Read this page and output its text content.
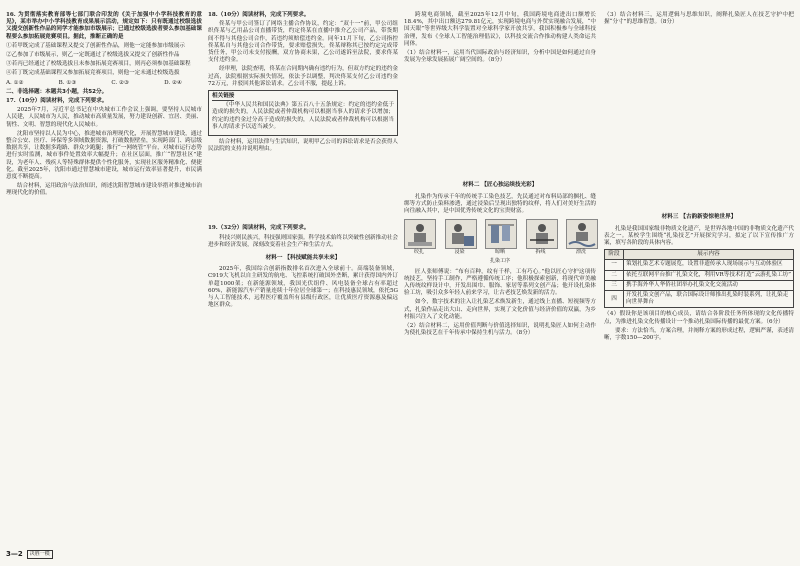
16. 为贯彻落实教育部等七部门联合印发的《关于加强中小学科技教育的意见》，某市举办中小学科技教育成果展示活动，规定如下：只有既通过校级选拔又提交创新性作品的同学才能参加市级展示；已通过校级选拔者要么参加基础课程要么参加拓展竞赛项目。据此，推断正确的是

①若甲既完成了基础课程又提交了创新性作品，则他一定能参加市级展示

②乙参加了市级展示，则乙一定既通过了校级选拔又提交了创新性作品

③若丙已经通过了校级选拔且未参加拓展竞赛项目，则丙必须参加基础课程

④若丁既完成基础课程又参加拓展竞赛项目，则他一定未通过校级选拔

A. ①②	B. ①③	C. ②③	D. ②④

二、非选择题：本题共3小题，共52分。

17.（10分）阅读材料，完成下列要求。

2025年7月，习近平总书记在中央城市工作会议上强调，要坚持人民城市人民建，人民城市为人民，推动城市高质量发展，努力建设创新、宜居、美丽、韧性、文明、智慧的现代化人民城市。

沈阳市坚持以人民为中心，推进城市治理现代化，开展智慧城市建设，通过整合公安、医疗、环保等多领域数据资源，打破数据壁垒，实现跨部门、跨层级数据共享，让数据多跑路、群众少跑腿；推行“一网统管”平台，对城市运行态势进行实时监测，城市事件处置效率大幅提升；在社区层面，推广“智慧社区”建设，为老年人、残疾人等特殊群体提供个性化服务，实现社区服务精准化、便捷化。截至2025年，沈阳市通过智慧城市建设，城市运行效率显著提升，市民满意度不断提高。

结合材料，运用政治与法治知识，阐述沈阳智慧城市建设举措对推进城市治理现代化的价值。

18.（10分）阅读材料，完成下列要求。

佟某与甲公司签订了网络主播合作协议，约定：“双十一”前，甲公司组织佟某与乙用品公司直播带货，约定佟某在直播中推介乙公司产品，带货期间不得与其他公司合作，若违约须赔偿违约金。同年11月下旬，乙公司指控佟某私自与其他公司合作带货，要求赔偿损失。佟某辩称其已按约定完成带货任务，甲公司未支付报酬，双方协商未果，乙公司遂诉至法院，要求佟某支付违约金。

经审理，法院查明，佟某在合同期内确有违约行为，但双方约定的违约金过高，法院根据实际损失情况，依法予以调整，判决佟某支付乙公司违约金72万元，并驳回其他诉讼请求。乙公司不服，提起上诉。

相关链接

《中华人民共和国民法典》第五百八十五条规定：约定的违约金低于造成的损失的，人民法院或者仲裁机构可以根据当事人的请求予以增加；约定的违约金过分高于造成的损失的，人民法院或者仲裁机构可以根据当事人的请求予以适当减少。

结合材料，运用法律与生活知识，说明甲乙公司的诉讼请求是否会获得人民法院的支持并说明理由。

19.（32分）阅读材料，完成下列要求。

科技兴则民族兴，科技强则国家强。科学技术始终以突破性创新推动社会进步和经济发展，深刻改变着社会生产和生活方式。

材料一 【科技赋能共享未来】

2025年，我国综合创新指数排名首次进入全球前十。高端装备领域，C919大飞机以自主研发的航电、飞控系统打破国外垄断，累计获得国内外订单超1000架；在新能源领域，我国光伏组件、风电装备全球占有率超过60%，新能源汽车产销量连续十年位居全球第一；在科技惠民领域，依托5G与人工智能技术，远程医疗覆盖所有县级行政区，让优质医疗资源惠及偏远地区群众。

跨境电商领域，截至2025年12月中旬，我国跨境电商进出口额增长18.4%，其中出口额达279.81亿元，实现跨境电商与外贸实现融合发展，“中国天眼”等世界级大科学装置对全球科学家开放共享，我国积极参与全球科技治理，发布《全球人工智能治理倡议》，以科技交流合作推动构建人类命运共同体。

（1）结合材料一，运用当代国际政治与经济知识，分析中国是如何通过自身发展为全球发展拓展广阔空间的。（8分）

材料二 【匠心独运续技光彩】

扎染作为传承千年的传统手工染色技艺，先民通过对布料局部的捆扎、缝绑等方式防止染料渗透，通过浸染后呈现出独特的纹样，将人们对美好生活的向往融入其中，是中国优秀传统文化的宝贵财富。

绞扎	浸染	晾晒	拆线	漂洗
扎染工序

匠人张师傅说：“布有百种，纹有千样，工有巧心。”他以匠心守护这项传统技艺，坚持手工制作，严格遵循传统工序；他积极探索创新，将现代审美融入传统纹样设计中，开发出围巾、服饰、家居等系列文创产品；他开设扎染体验工坊，吸引众多年轻人前来学习，让古老技艺焕发新的活力。

如今，数字技术的注入让扎染艺术焕发新生，通过线上直播、短视频等方式，扎染作品走出大山、走向世界，实现了文化价值与经济价值的双赢，为乡村振兴注入了文化动能。

（2）结合材料二，运用价值判断与价值选择知识，说明扎染匠人如何主动作为使扎染技艺在千年传承中保持生机与活力。（8分）

（3）结合材料三，运用逻辑与思维知识，阐释扎染匠人在技艺守护中把握“分寸”的思维智慧。（8分）

材料三 【古韵新姿惊艳世界】

扎染是我国国家级非物质文化遗产，是世界各地中国的非物质文化遗产代表之一。某校学生围绕“扎染技艺”开展探究学习，拟定了以下宣传推广方案，填写各阶段的具体内容。

阶段	展示内容
一	策划扎染艺术专题展览，设置非遗传承人现场展示与互动体验区
二	依托互联网平台推广扎染文化，利用VR等技术打造“云游扎染工坊”
三	携手海外华人华侨社团举办扎染文化交流活动
四	开发扎染文创产品，联合国际设计师推出扎染时装系列，让扎染走向世界舞台

（4）假设你是该项目的核心成员，请结合各阶段任务所体现的文化传播特点，为推进扎染文化传播设计一个推动扎染国际传播的最优方案。（6分）

要求：方法恰当，方案合理，并阐释方案的形成过程，逻辑严谨，表述清晰，字数150—200字。

3—2	决胜一模
